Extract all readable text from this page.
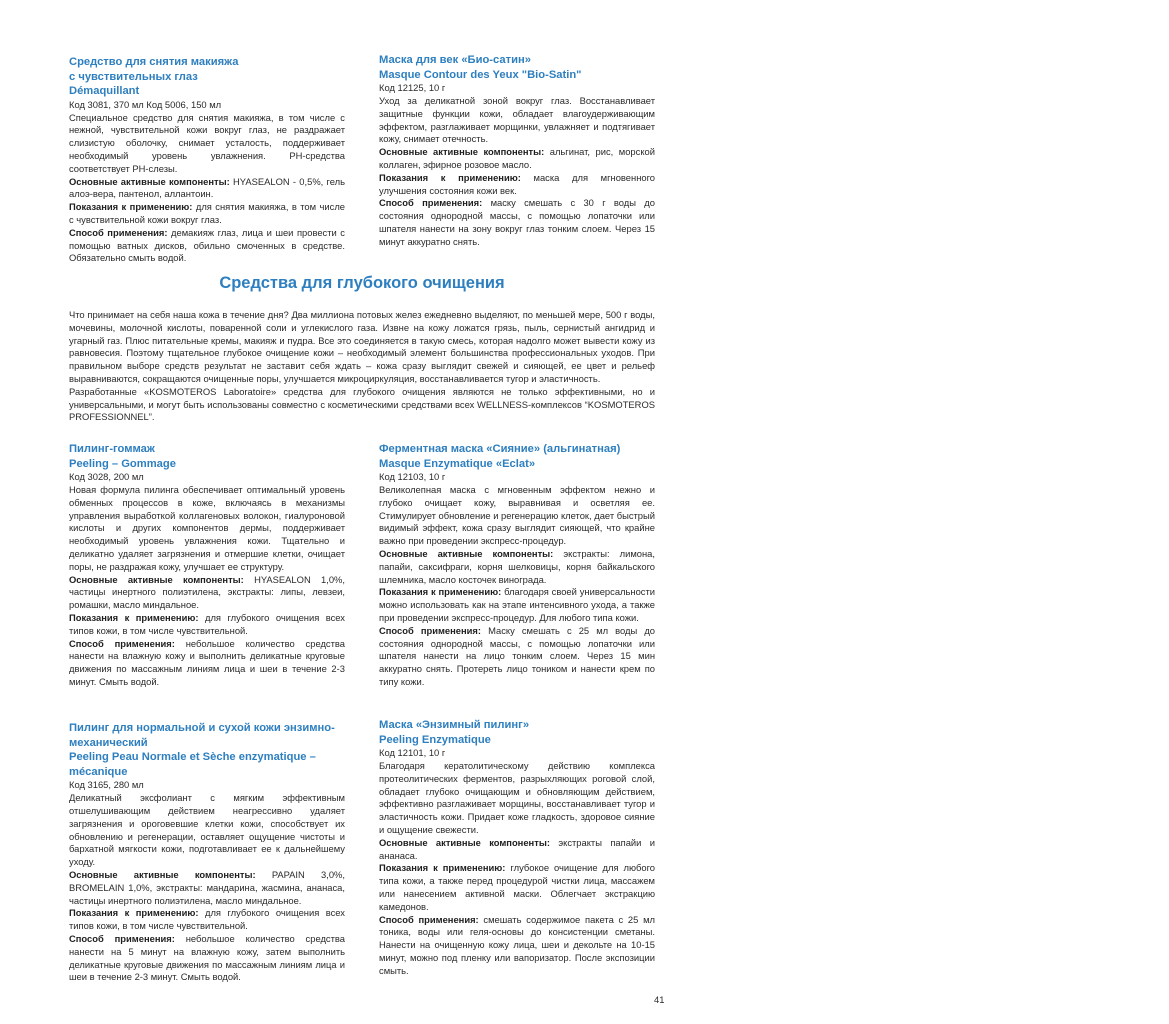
Средство для снятия макияжа
с чувствительных глаз
Démaquillant
Код 3081, 370 мл Код 5006, 150 мл

Специальное средство для снятия макияжа, в том числе с нежной, чувствительной кожи вокруг глаз, не раздражает слизистую оболочку, снимает усталость, поддерживает необходимый уровень увлажнения. PH-средства соответствует PH-слезы.

Основные активные компоненты: HYASEALON - 0,5%, гель алоэ-вера, пантенол, аллантоин.

Показания к применению: для снятия макияжа, в том числе с чувствительной кожи вокруг глаз.

Способ применения: демакияж глаз, лица и шеи провести с помощью ватных дисков, обильно смоченных в средстве. Обязательно смыть водой.

Маска для век «Био-сатин»
Masque Contour des Yeux "Bio-Satin"
Код 12125, 10 г

Уход за деликатной зоной вокруг глаз. Восстанавливает защитные функции кожи, обладает влагоудерживающим эффектом, разглаживает морщинки, увлажняет и подтягивает кожу, снимает отечность.

Основные активные компоненты: альгинат, рис, морской коллаген, эфирное розовое масло.

Показания к применению: маска для мгновенного улучшения состояния кожи век.

Способ применения: маску смешать с 30 г воды до состояния однородной массы, с помощью лопаточки или шпателя нанести на зону вокруг глаз тонким слоем. Через 15 минут аккуратно снять.

Средства для глубокого очищения

Что принимает на себя наша кожа в течение дня? Два миллиона потовых желез ежедневно выделяют, по меньшей мере, 500 г воды, мочевины, молочной кислоты, поваренной соли и углекислого газа. Извне на кожу ложатся грязь, пыль, сернистый ангидрид и угарный газ. Плюс питательные кремы, макияж и пудра. Все это соединяется в такую смесь, которая надолго может вывести кожу из равновесия. Поэтому тщательное глубокое очищение кожи – необходимый элемент большинства профессиональных уходов. При правильном выборе средств результат не заставит себя ждать – кожа сразу выглядит свежей и сияющей, ее цвет и рельеф выравниваются, сокращаются очищенные поры, улучшается микроциркуляция, восстанавливается тугор и эластичность.

Разработанные «KOSMOTEROS Laboratoire» средства для глубокого очищения являются не только эффективными, но и универсальными, и могут быть использованы совместно с косметическими средствами всех WELLNESS-комплексов “KOSMOTEROS PROFESSIONNEL”.

Пилинг-гоммаж
Peeling – Gommage
Код 3028, 200 мл

Новая формула пилинга обеспечивает оптимальный уровень обменных процессов в коже, включаясь в механизмы управления выработкой коллагеновых волокон, гиалуроновой кислоты и других компонентов дермы, поддерживает необходимый уровень увлажнения кожи. Тщательно и деликатно удаляет загрязнения и отмершие клетки, очищает поры, не раздражая кожу, улучшает ее структуру.

Основные активные компоненты: HYASEALON 1,0%, частицы инертного полиэтилена, экстракты: липы, левзеи, ромашки, масло миндальное.

Показания к применению: для глубокого очищения всех типов кожи, в том числе чувствительной.

Способ применения: небольшое количество средства нанести на влажную кожу и выполнить деликатные круговые движения по массажным линиям лица и шеи в течение 2-3 минут. Смыть водой.

Ферментная маска «Сияние» (альгинатная)
Masque Enzymatique «Eclat»
Код 12103, 10 г

Великолепная маска с мгновенным эффектом нежно и глубоко очищает кожу, выравнивая и осветляя ее. Стимулирует обновление и регенерацию клеток, дает быстрый видимый эффект, кожа сразу выглядит сияющей, что крайне важно при проведении экспресс-процедур.

Основные активные компоненты: экстракты: лимона, папайи, саксифраги, корня шелковицы, корня байкальского шлемника, масло косточек винограда.

Показания к применению: благодаря своей универсальности можно использовать как на этапе интенсивного ухода, а также при проведении экспресс-процедур. Для любого типа кожи.

Способ применения: Маску смешать с 25 мл воды до состояния однородной массы, с помощью лопаточки или шпателя нанести на лицо тонким слоем. Через 15 мин аккуратно снять. Протереть лицо тоником и нанести крем по типу кожи.

Пилинг для нормальной и сухой кожи энзимно-
механический
Peeling Peau Normale et Sèche enzymatique –
mécanique
Код 3165, 280 мл

Деликатный эксфолиант с мягким эффективным отшелушивающим действием неагрессивно удаляет загрязнения и ороговевшие клетки кожи, способствует их обновлению и регенерации, оставляет ощущение чистоты и бархатной мягкости кожи, подготавливает ее к дальнейшему уходу.

Основные активные компоненты: PAPAIN 3,0%, BROMELAIN 1,0%, экстракты: мандарина, жасмина, ананаса, частицы инертного полиэтилена, масло миндальное.

Показания к применению: для глубокого очищения всех типов кожи, в том числе чувствительной.

Способ применения: небольшое количество средства нанести на 5 минут на влажную кожу, затем выполнить деликатные круговые движения по массажным линиям лица и шеи в течение 2-3 минут. Смыть водой.

Маска «Энзимный пилинг»
Peeling Enzymatique
Код 12101, 10 г

Благодаря кератолитическому действию комплекса протеолитических ферментов, разрыхляющих роговой слой, обладает глубоко очищающим и обновляющим действием, эффективно разглаживает морщины, восстанавливает тугор и эластичность кожи. Придает коже гладкость, здоровое сияние и ощущение свежести.

Основные активные компоненты: экстракты папайи и ананаса.

Показания к применению: глубокое очищение для любого типа кожи, а также перед процедурой чистки лица, массажем или нанесением активной маски. Облегчает экстракцию камедонов.

Способ применения: смешать содержимое пакета с 25 мл тоника, воды или геля-основы до консистенции сметаны. Нанести на очищенную кожу лица, шеи и декольте на 10-15 минут, можно под пленку или вапоризатор. После экспозиции смыть.

41
